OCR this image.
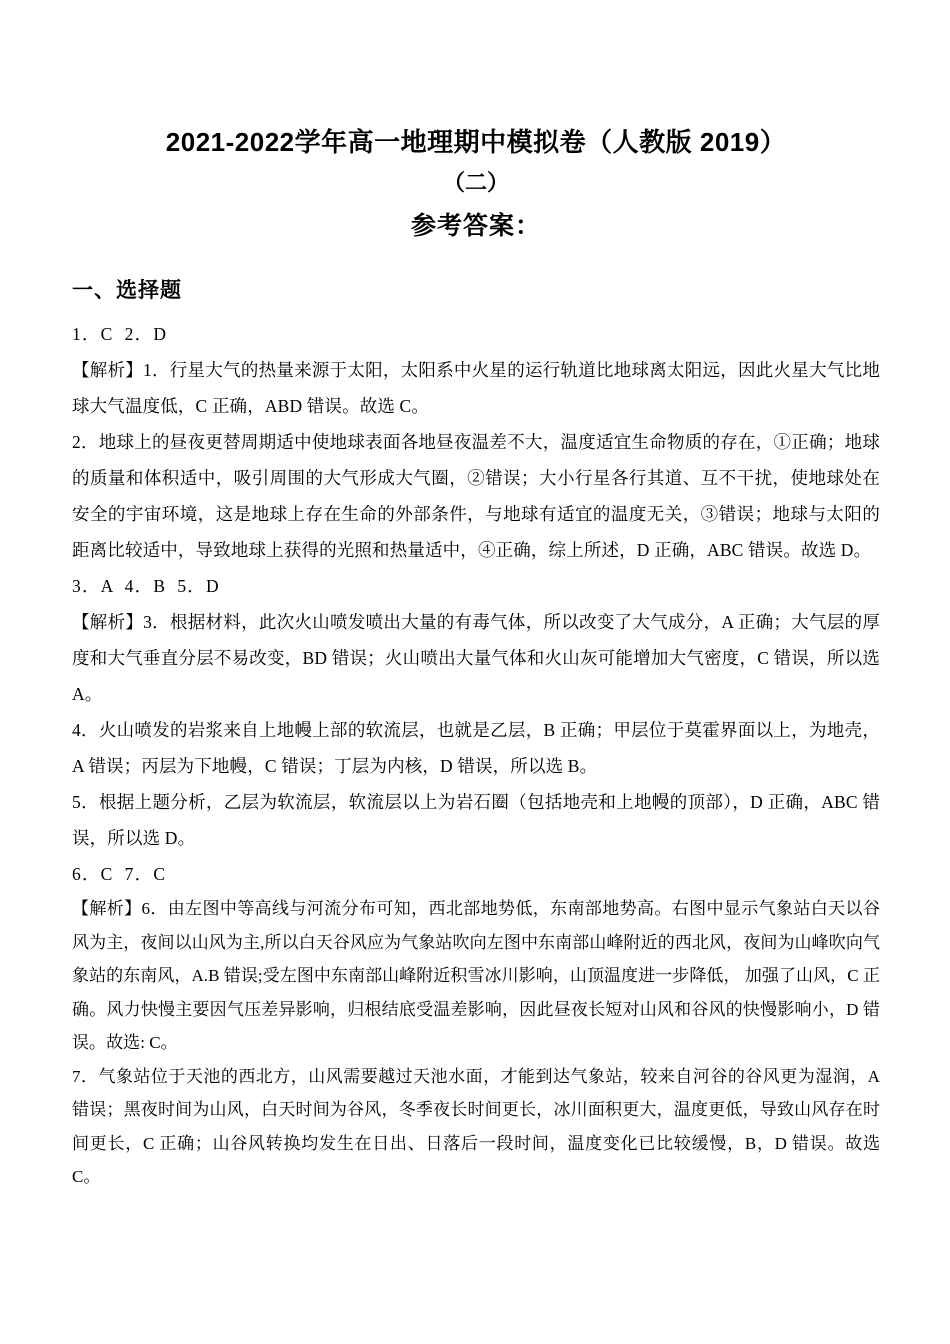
2021-2022学年高一地理期中模拟卷（人教版 2019）
（二）
参考答案：
一、选择题

1．C  2．D

【解析】1．行星大气的热量来源于太阳，太阳系中火星的运行轨道比地球离太阳远，因此火星大气比地球大气温度低，C 正确，ABD 错误。故选 C。

2．地球上的昼夜更替周期适中使地球表面各地昼夜温差不大，温度适宜生命物质的存在，①正确；地球的质量和体积适中，吸引周围的大气形成大气圈，②错误；大小行星各行其道、互不干扰，使地球处在安全的宇宙环境，这是地球上存在生命的外部条件，与地球有适宜的温度无关，③错误；地球与太阳的距离比较适中，导致地球上获得的光照和热量适中，④正确，综上所述，D 正确，ABC 错误。故选 D。

3．A  4．B  5．D

【解析】3．根据材料，此次火山喷发喷出大量的有毒气体，所以改变了大气成分，A 正确；大气层的厚度和大气垂直分层不易改变，BD 错误；火山喷出大量气体和火山灰可能增加大气密度，C 错误，所以选 A。

4．火山喷发的岩浆来自上地幔上部的软流层，也就是乙层，B 正确；甲层位于莫霍界面以上，为地壳，A 错误；丙层为下地幔，C 错误；丁层为内核，D 错误，所以选 B。

5．根据上题分析，乙层为软流层，软流层以上为岩石圈（包括地壳和上地幔的顶部），D 正确，ABC 错误，所以选 D。

6．C  7．C

【解析】6．由左图中等高线与河流分布可知，西北部地势低，东南部地势高。右图中显示气象站白天以谷风为主，夜间以山风为主,所以白天谷风应为气象站吹向左图中东南部山峰附近的西北风，夜间为山峰吹向气象站的东南风，A.B 错误;受左图中东南部山峰附近积雪冰川影响，山顶温度进一步降低， 加强了山风，C 正确。风力快慢主要因气压差异影响，归根结底受温差影响，因此昼夜长短对山风和谷风的快慢影响小，D 错误。故选: C。

7．气象站位于天池的西北方，山风需要越过天池水面，才能到达气象站，较来自河谷的谷风更为湿润，A 错误；黑夜时间为山风，白天时间为谷风，冬季夜长时间更长，冰川面积更大，温度更低，导致山风存在时间更长，C 正确；山谷风转换均发生在日出、日落后一段时间，温度变化已比较缓慢，B，D 错误。故选 C。
